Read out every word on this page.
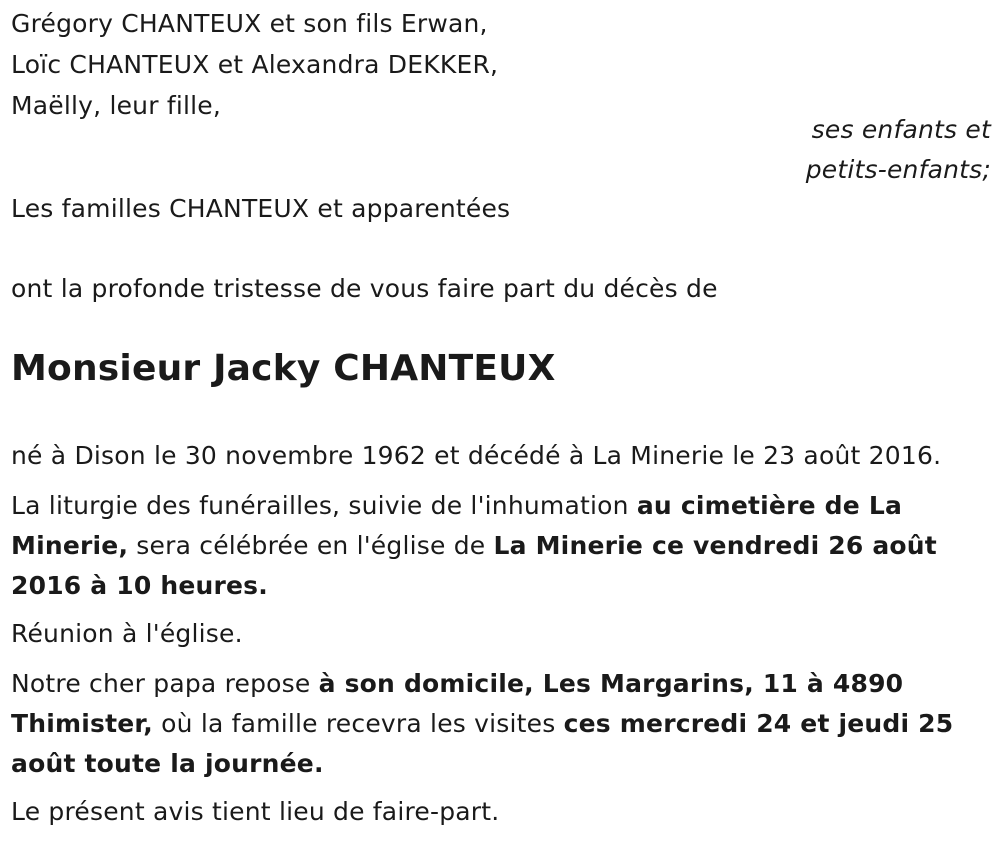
Grégory CHANTEUX et son fils Erwan,
Loïc CHANTEUX et Alexandra DEKKER,
Maëlly, leur fille,
ses enfants et
petits-enfants;
Les familles CHANTEUX et apparentées
ont la profonde tristesse de vous faire part du décès de
Monsieur Jacky CHANTEUX
né à Dison le 30 novembre 1962 et décédé à La Minerie le 23 août 2016.
La liturgie des funérailles, suivie de l'inhumation au cimetière de La Minerie, sera célébrée en l'église de La Minerie ce vendredi 26 août 2016 à 10 heures.
Réunion à l'église.
Notre cher papa repose à son domicile, Les Margarins, 11 à 4890 Thimister, où la famille recevra les visites ces mercredi 24 et jeudi 25 août toute la journée.
Le présent avis tient lieu de faire-part.
